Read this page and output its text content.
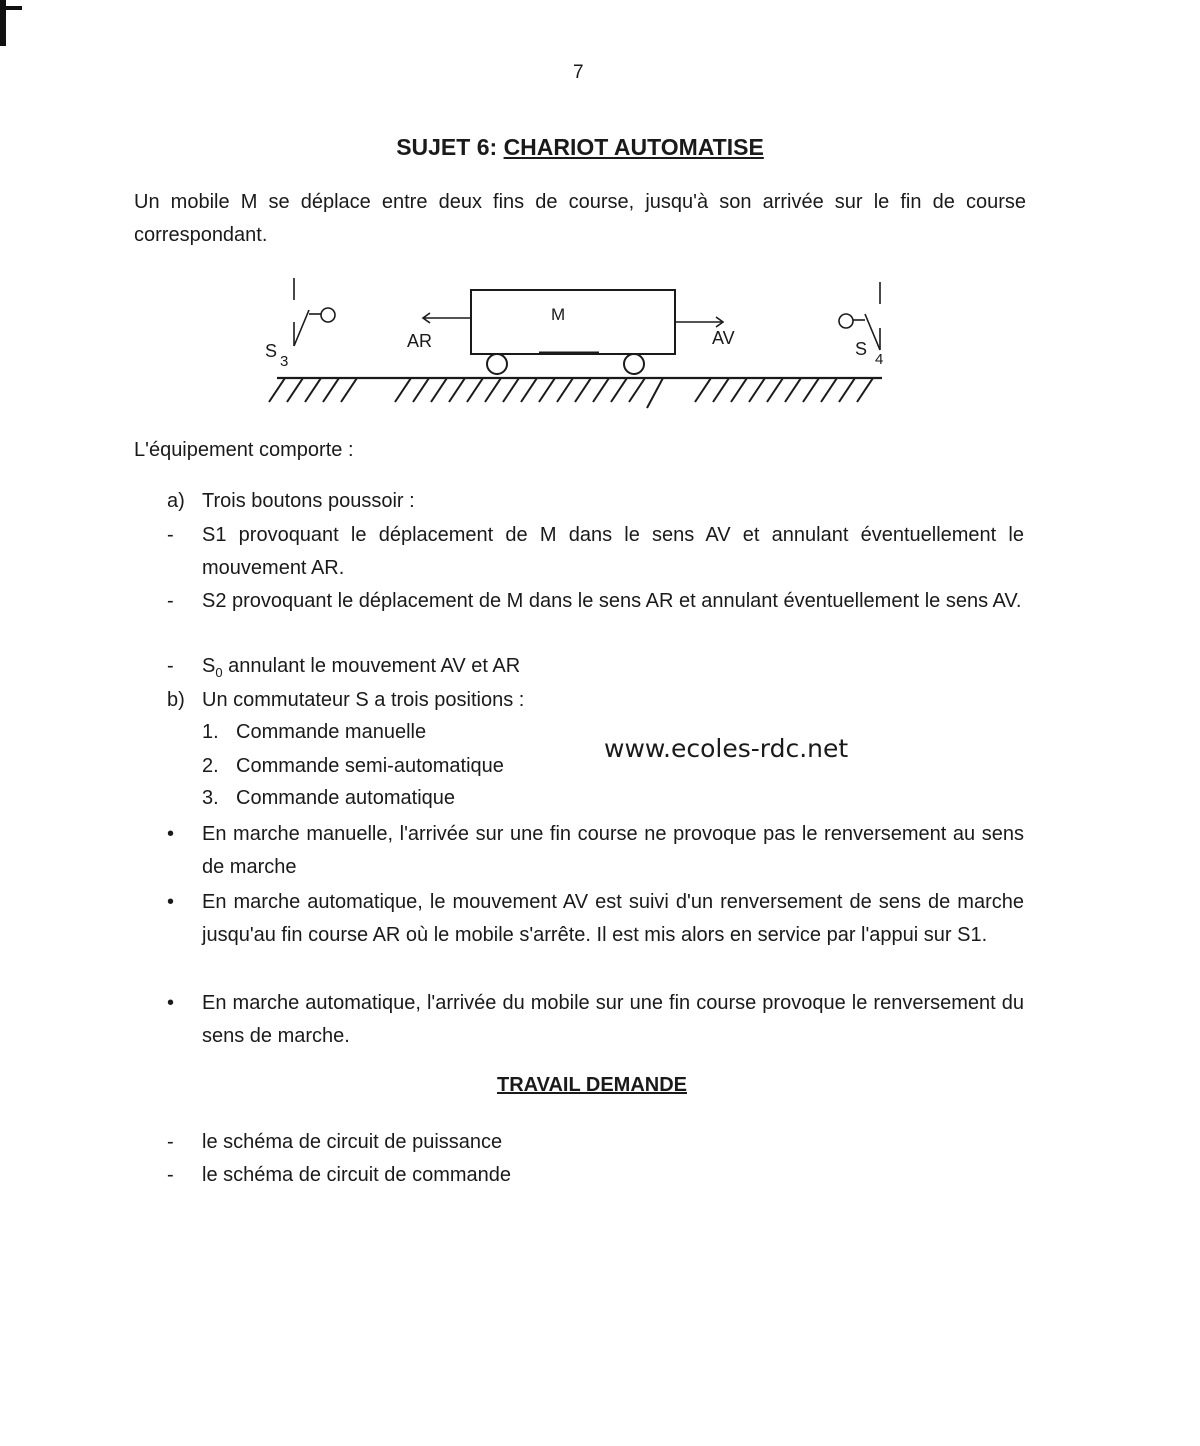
7
SUJET 6: CHARIOT AUTOMATISE
Un mobile M se déplace entre deux fins de course, jusqu'à son arrivée sur le fin de course correspondant.
M
AR	AV
S
3
S
4
L'équipement comporte :
a) Trois boutons poussoir :
- S1 provoquant le déplacement de M dans le sens AV et annulant éventuellement le mouvement AR.
- S2 provoquant le déplacement de M dans le sens AR et annulant éventuellement le sens AV.
- $S_0$ annulant le mouvement AV et AR
b) Un commutateur S a trois positions :
1. Commande manuelle
2. Commande semi-automatique
3. Commande automatique
www.ecoles-rdc.net
• En marche manuelle, l'arrivée sur une fin course ne provoque pas le renversement au sens de marche
• En marche automatique, le mouvement AV est suivi d'un renversement de sens de marche jusqu'au fin course AR où le mobile s'arrête. Il est mis alors en service par l'appui sur S1.
• En marche automatique, l'arrivée du mobile sur une fin course provoque le renversement du sens de marche.
TRAVAIL DEMANDE
- le schéma de circuit de puissance
- le schéma de circuit de commande
